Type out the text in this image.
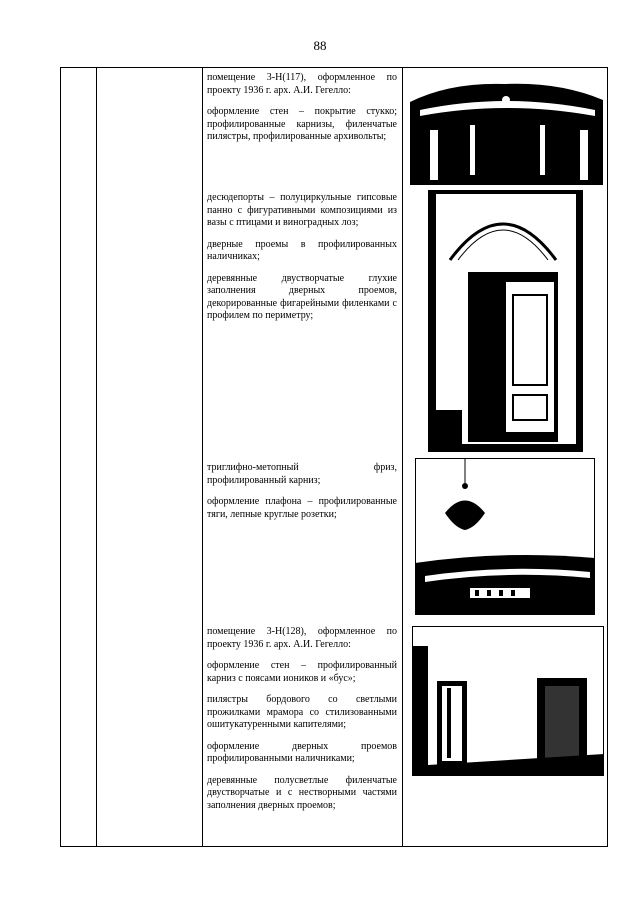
88

помещение 3-Н(117), оформленное по проекту 1936 г. арх. А.И. Гегелло:

оформление стен – покрытие стукко; профилированные карнизы, филенчатые пилястры, профилированные архивольты;

десюдепорты – полуциркульные гипсовые панно с фигуративными композициями из вазы с птицами и виноградных лоз;

дверные проемы в профилированных наличниках;

деревянные двустворчатые глухие заполнения дверных проемов, декорированные фигарейными филенками с профилем по периметру;

триглифно-метопный фриз, профилированный карниз;

оформление плафона – профилированные тяги, лепные круглые розетки;

помещение 3-Н(128), оформленное по проекту 1936 г. арх. А.И. Гегелло:

оформление стен – профилированный карниз с поясами иоников и «бус»;

пилястры бордового со светлыми прожилками мрамора со стилизованными ошитукатуренными капителями;

оформление дверных проемов профилированными наличниками;

деревянные полусветлые филенчатые двустворчатые и с нестворными частями заполнения дверных проемов;
